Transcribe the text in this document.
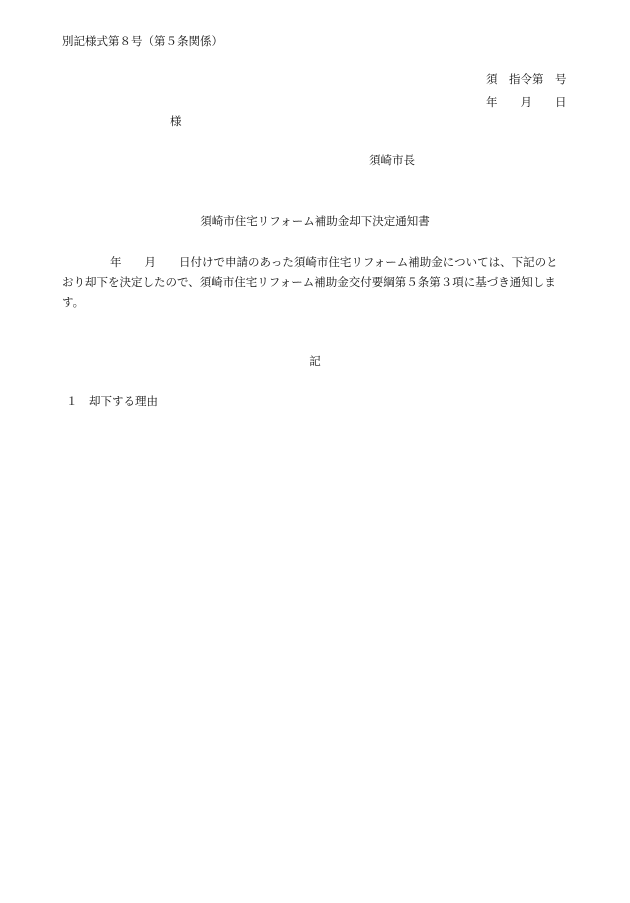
別記様式第８号（第５条関係）
須　指令第　号
年　　月　　日
様
須崎市長
須崎市住宅リフォーム補助金却下決定通知書
年　　月　　日付けで申請のあった須崎市住宅リフォーム補助金については、下記のと
おり却下を決定したので、須崎市住宅リフォーム補助金交付要綱第５条第３項に基づき通知しま
す。
記
１　却下する理由
